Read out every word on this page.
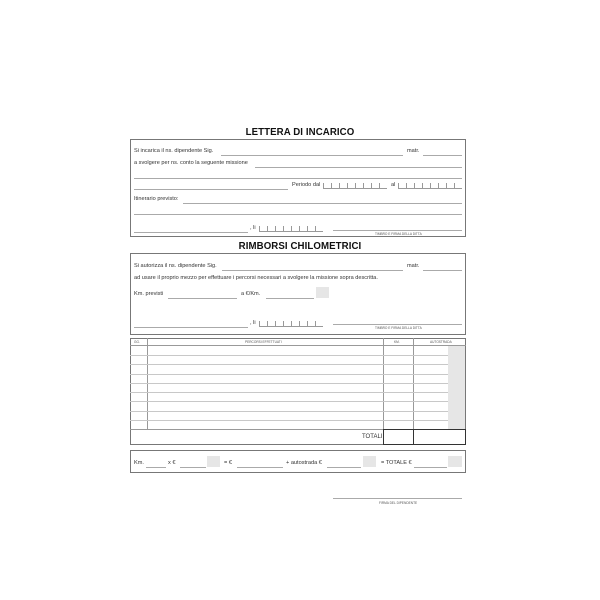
LETTERA DI INCARICO
Si incarica il ns. dipendente Sig.	matr.
a svolgere per ns. conto la seguente missione
Periodo dal	al
Itinerario previsto:
, li
TIMBRO E FIRMA DELLA DITTA
RIMBORSI CHILOMETRICI
Si autorizza il ns. dipendente Sig.	matr.
ad usare il proprio mezzo per effettuare i percorsi necessari a svolgere la missione sopra descritta.
Km. previsti	a €/Km.
, li
TIMBRO E FIRMA DELLA DITTA
GG.	PERCORSI EFFETTUATI	KM.	AUTOSTRADA
TOTALI
Km.	x €	= €	+ autostrada €	= TOTALE €
FIRMA DEL DIPENDENTE
